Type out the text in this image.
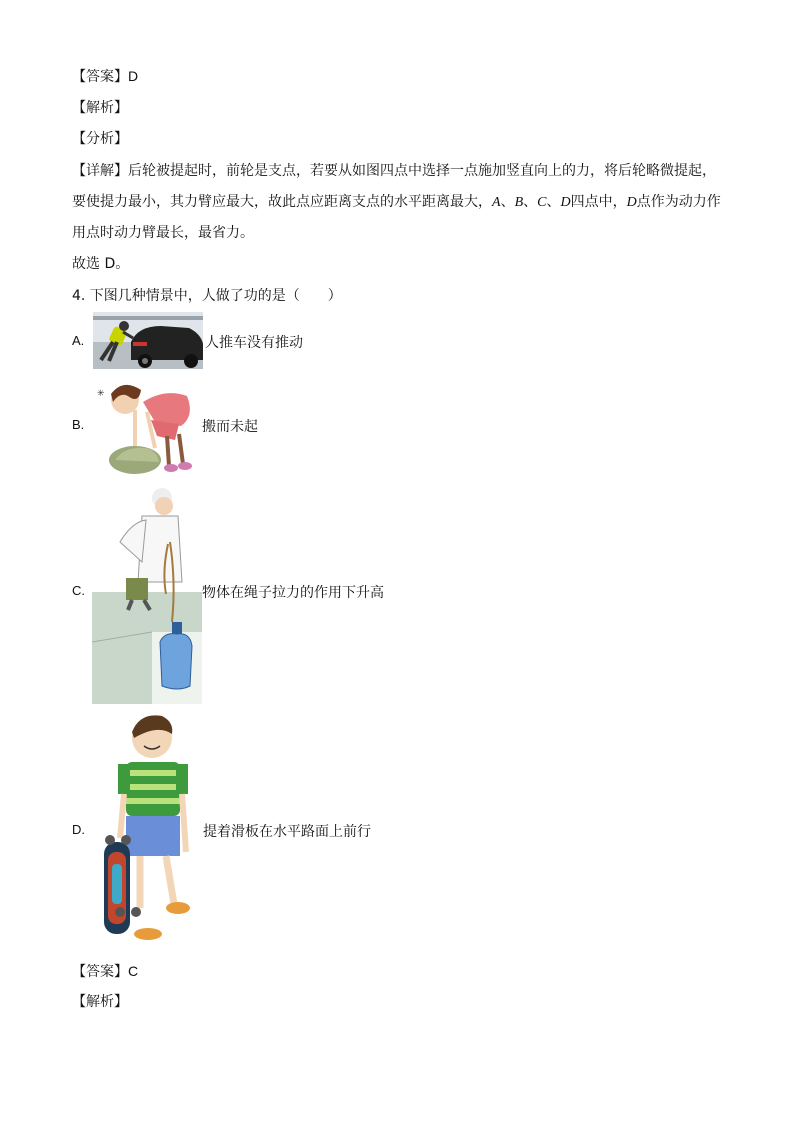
【答案】D
【解析】
【分析】
【详解】后轮被提起时，前轮是支点，若要从如图四点中选择一点施加竖直向上的力，将后轮略微提起，要使提力最小，其力臂应最大，故此点应距离支点的水平距离最大，A、B、C、D四点中，D点作为动力作用点时动力臂最长，最省力。
故选 D。
4. 下图几种情景中，人做了功的是（　　）
A.	人推车没有推动
B.
✳
搬而未起
C.	物体在绳子拉力的作用下升高
D.	提着滑板在水平路面上前行
【答案】C
【解析】
